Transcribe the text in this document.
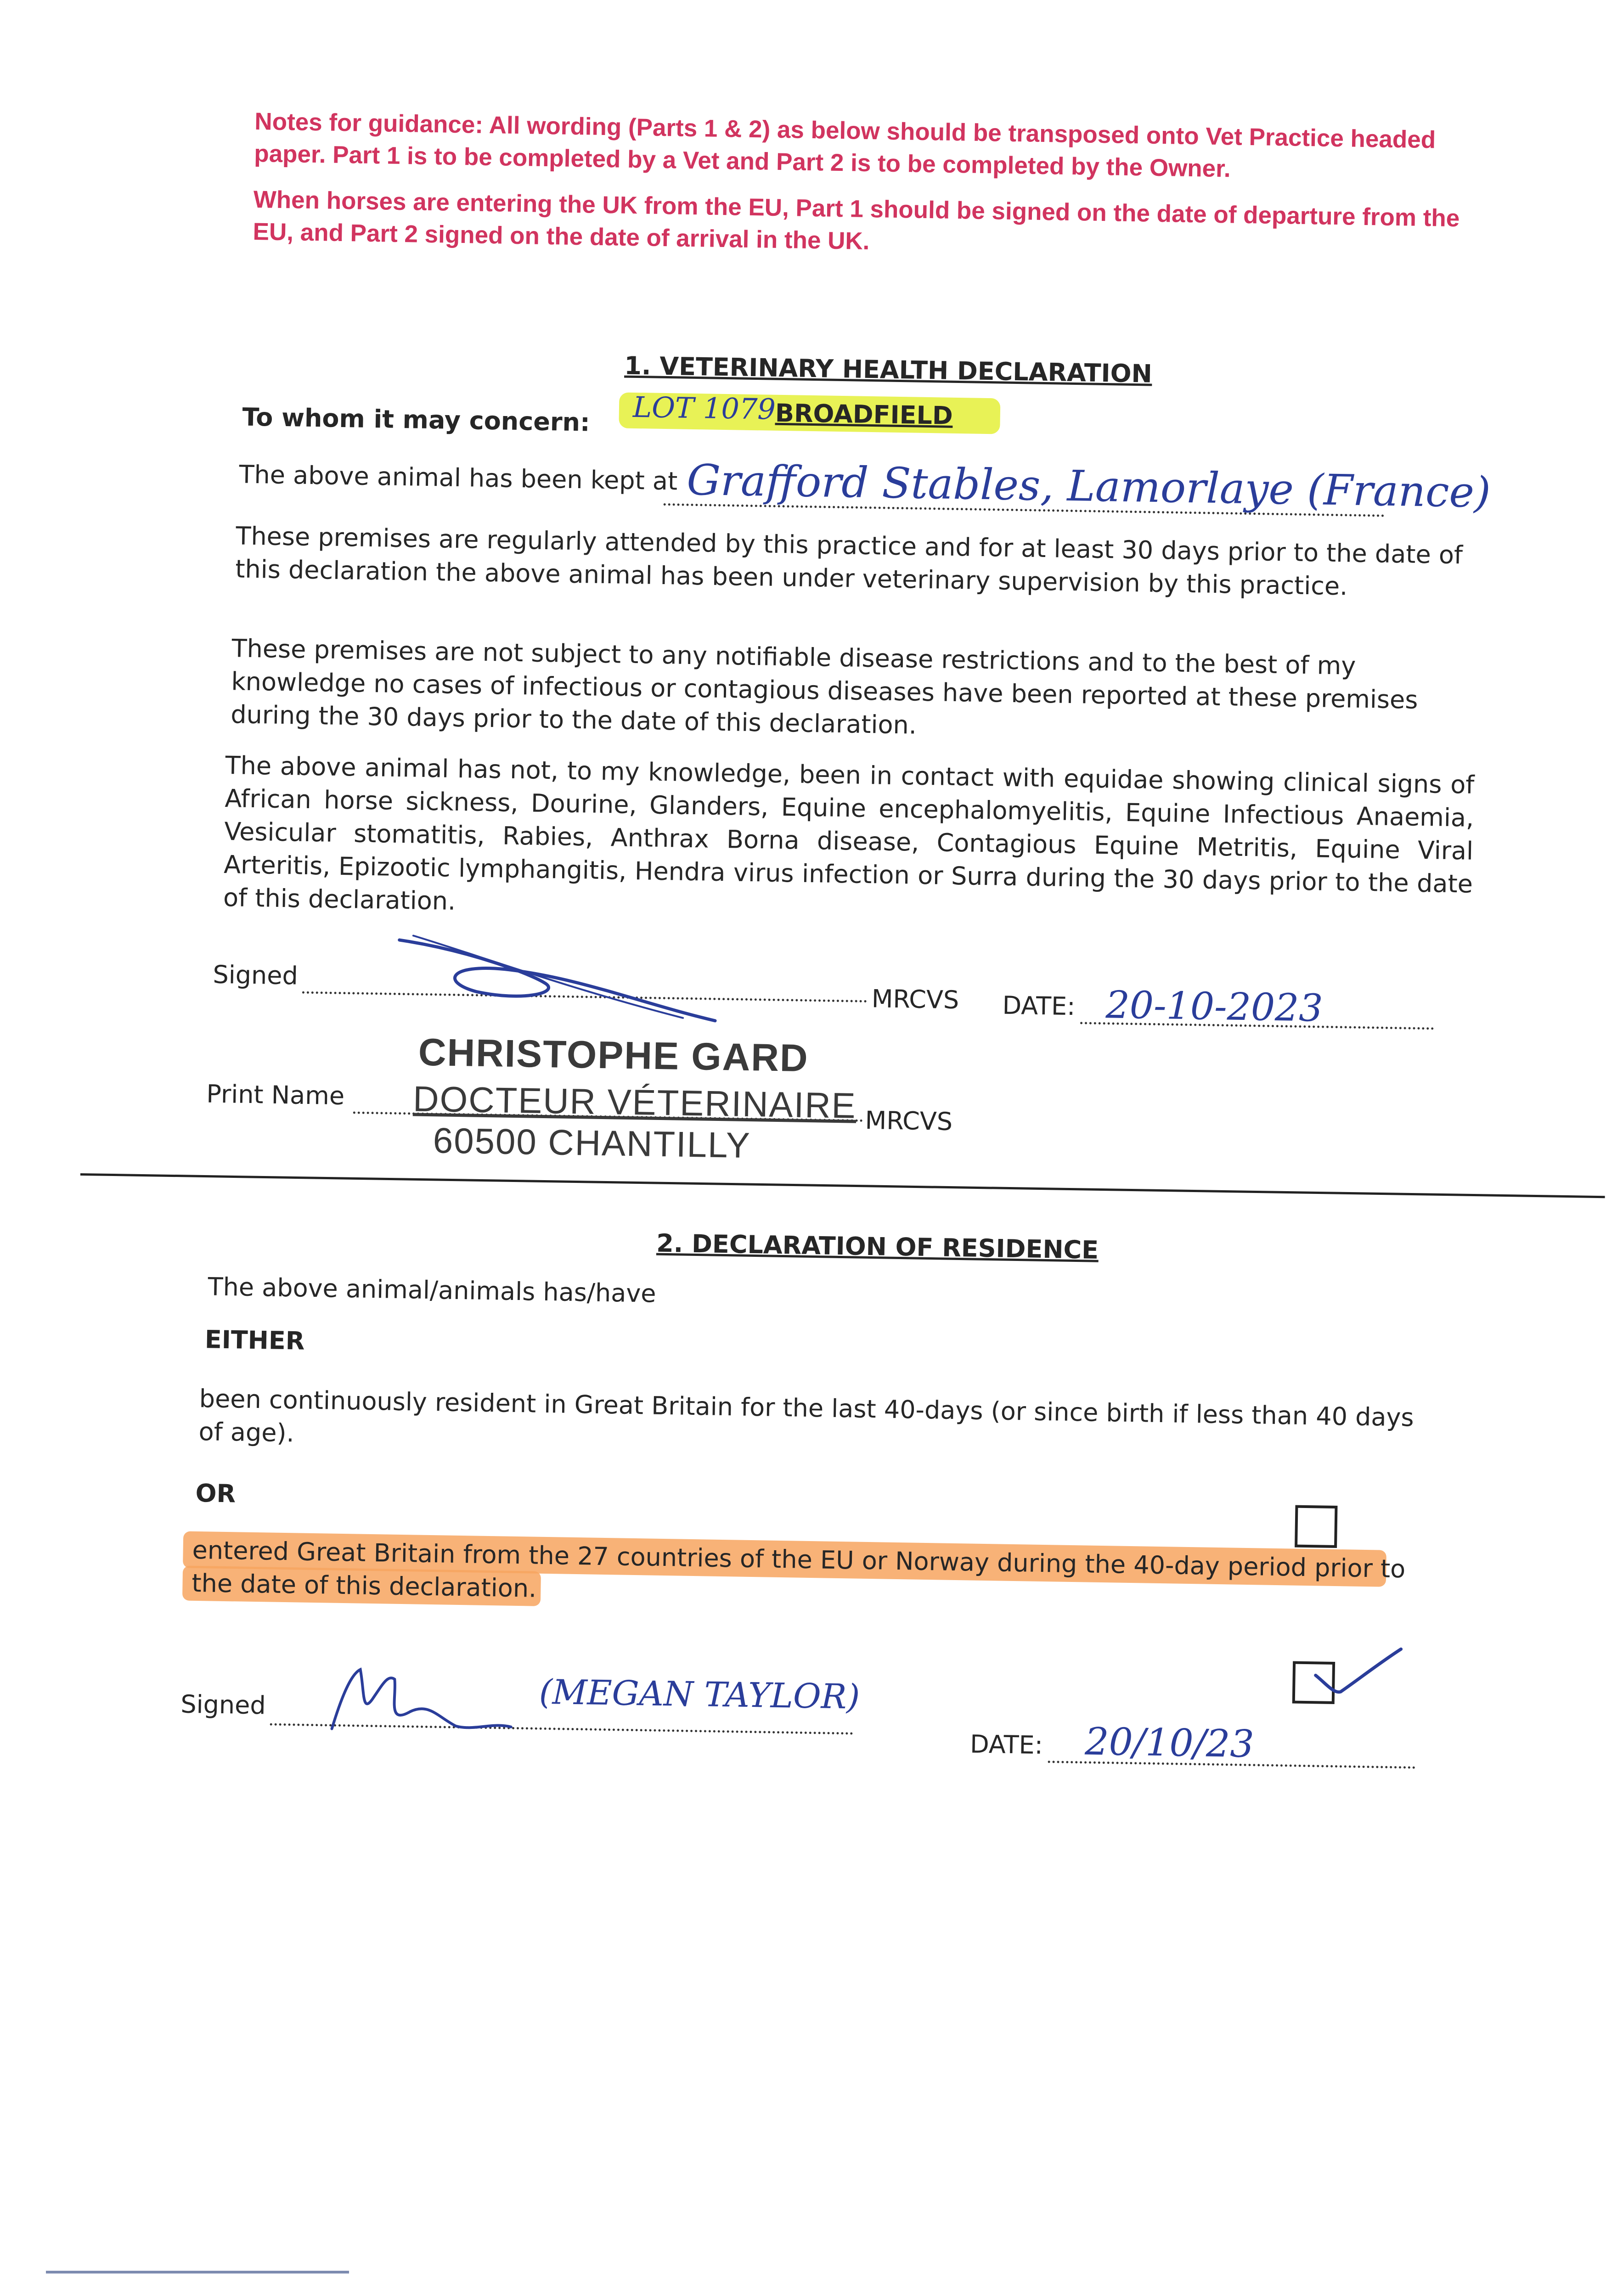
Notes for guidance: All wording (Parts 1 & 2) as below should be transposed onto Vet Practice headed paper. Part 1 is to be completed by a Vet and Part 2 is to be completed by the Owner.

When horses are entering the UK from the EU, Part 1 should be signed on the date of departure from the EU, and Part 2 signed on the date of arrival in the UK.

1. VETERINARY HEALTH DECLARATION
LOT 1079
BROADFIELD
To whom it may concern:
The above animal has been kept at Grafford Stables, Lamorlaye (France)

These premises are regularly attended by this practice and for at least 30 days prior to the date of this declaration the above animal has been under veterinary supervision by this practice.

These premises are not subject to any notifiable disease restrictions and to the best of my knowledge no cases of infectious or contagious diseases have been reported at these premises during the 30 days prior to the date of this declaration.

The above animal has not, to my knowledge, been in contact with equidae showing clinical signs of African horse sickness, Dourine, Glanders, Equine encephalomyelitis, Equine Infectious Anaemia, Vesicular stomatitis, Rabies, Anthrax Borna disease, Contagious Equine Metritis, Equine Viral Arteritis, Epizootic lymphangitis, Hendra virus infection or Surra during the 30 days prior to the date of this declaration.

Signed
MRCVS DATE: 20-10-2023
CHRISTOPHE GARD
Print Name DOCTEUR VÉTERINAIRE MRCVS
60500 CHANTILLY
2. DECLARATION OF RESIDENCE
The above animal/animals has/have
EITHER

been continuously resident in Great Britain for the last 40-days (or since birth if less than 40 days of age).

OR

entered Great Britain from the 27 countries of the EU or Norway during the 40-day period prior to the date of this declaration.

Signed	(MEGAN TAYLOR)
DATE: 20/10/23
